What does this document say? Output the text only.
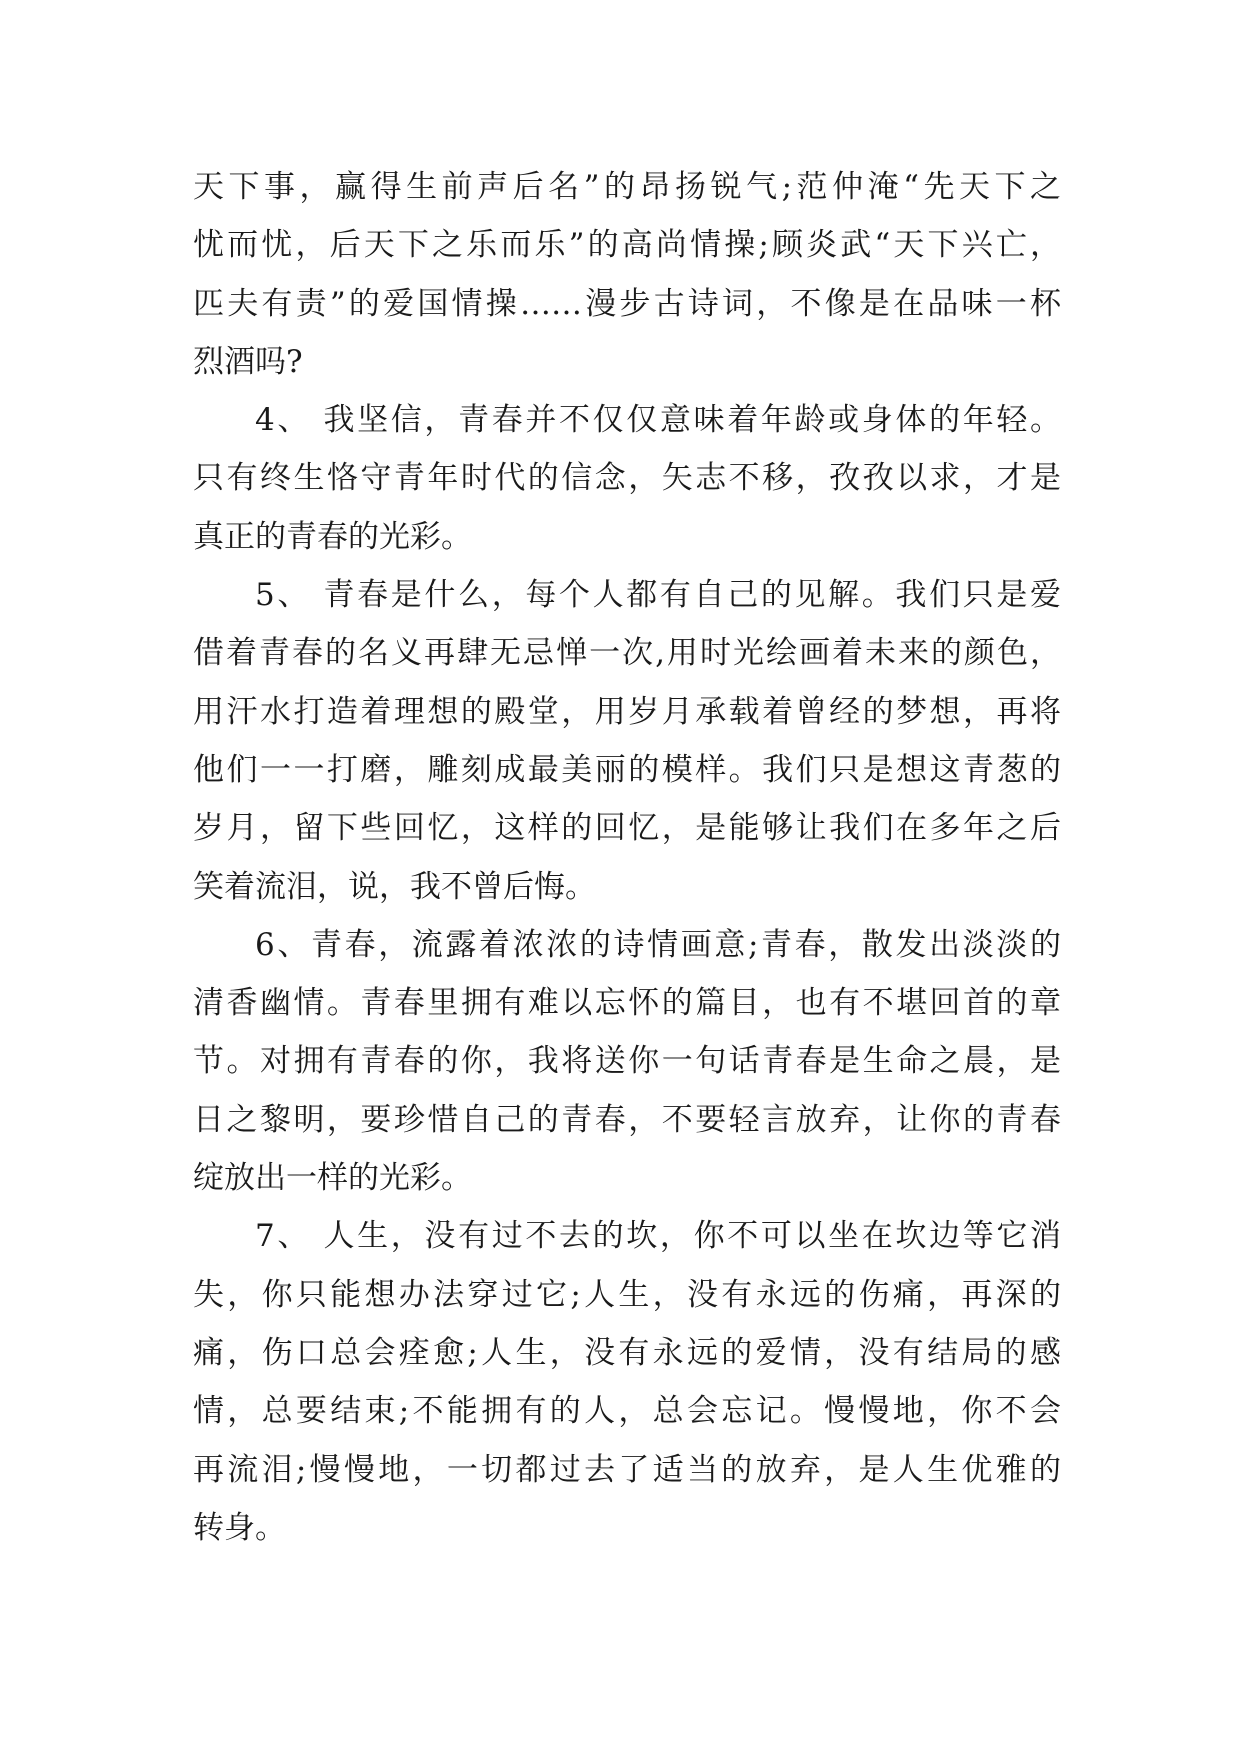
天下事，赢得生前声后名”的昂扬锐气;范仲淹“先天下之
忧而忧，后天下之乐而乐”的高尚情操;顾炎武“天下兴亡，
匹夫有责”的爱国情操……漫步古诗词，不像是在品味一杯
烈酒吗?
4、 我坚信，青春并不仅仅意味着年龄或身体的年轻。
只有终生恪守青年时代的信念，矢志不移，孜孜以求，才是
真正的青春的光彩。
5、 青春是什么，每个人都有自己的见解。我们只是爱
借着青春的名义再肆无忌惮一次,用时光绘画着未来的颜色，
用汗水打造着理想的殿堂，用岁月承载着曾经的梦想，再将
他们一一打磨，雕刻成最美丽的模样。我们只是想这青葱的
岁月，留下些回忆，这样的回忆，是能够让我们在多年之后
笑着流泪，说，我不曾后悔。
6、青春，流露着浓浓的诗情画意;青春，散发出淡淡的
清香幽情。青春里拥有难以忘怀的篇目，也有不堪回首的章
节。对拥有青春的你，我将送你一句话青春是生命之晨，是
日之黎明，要珍惜自己的青春，不要轻言放弃，让你的青春
绽放出一样的光彩。
7、 人生，没有过不去的坎，你不可以坐在坎边等它消
失，你只能想办法穿过它;人生，没有永远的伤痛，再深的
痛，伤口总会痊愈;人生，没有永远的爱情，没有结局的感
情，总要结束;不能拥有的人，总会忘记。慢慢地，你不会
再流泪;慢慢地，一切都过去了适当的放弃，是人生优雅的
转身。
